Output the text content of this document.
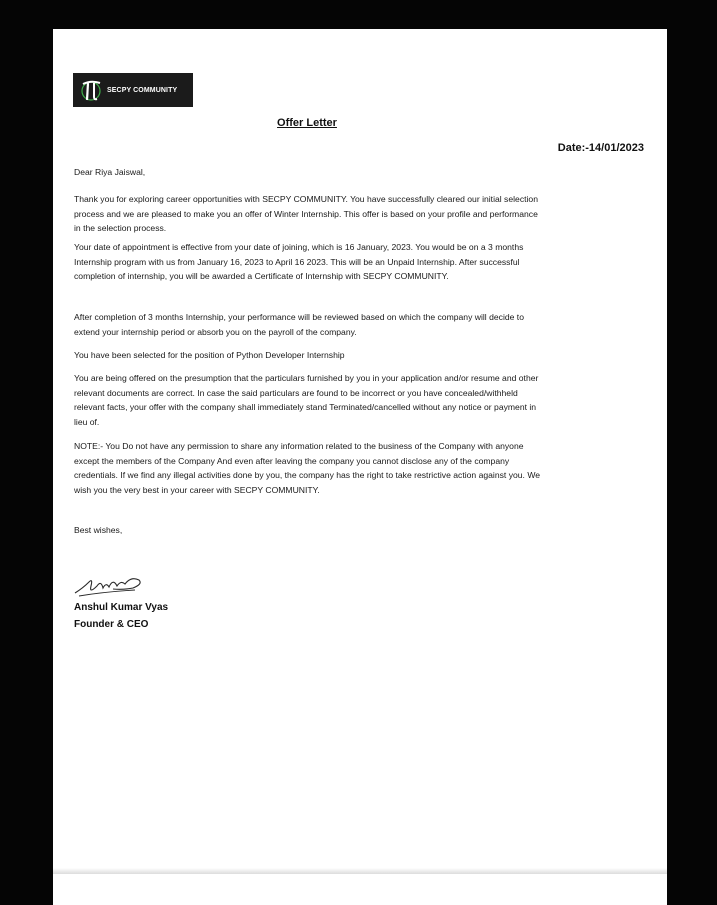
SECPY COMMUNITY
Offer Letter
Date:-14/01/2023
Dear Riya Jaiswal,
Thank you for exploring career opportunities with SECPY COMMUNITY. You have successfully cleared our initial selection process and we are pleased to make you an offer of Winter Internship. This offer is based on your profile and performance in the selection process.
Your date of appointment is effective from your date of joining, which is 16 January, 2023. You would be on a 3 months Internship program with us from January 16, 2023 to April 16 2023. This will be an Unpaid Internship. After successful completion of internship, you will be awarded a Certificate of Internship with SECPY COMMUNITY.
After completion of 3 months Internship, your performance will be reviewed based on which the company will decide to extend your internship period or absorb you on the payroll of the company.
You have been selected for the position of Python Developer Internship
You are being offered on the presumption that the particulars furnished by you in your application and/or resume and other relevant documents are correct. In case the said particulars are found to be incorrect or you have concealed/withheld relevant facts, your offer with the company shall immediately stand Terminated/cancelled without any notice or payment in lieu of.
NOTE:- You Do not have any permission to share any information related to the business of the Company with anyone except the members of the Company And even after leaving the company you cannot disclose any of the company credentials. If we find any illegal activities done by you, the company has the right to take restrictive action against you. We wish you the very best in your career with SECPY COMMUNITY.
Best wishes,
Anshul Kumar Vyas
Founder & CEO
